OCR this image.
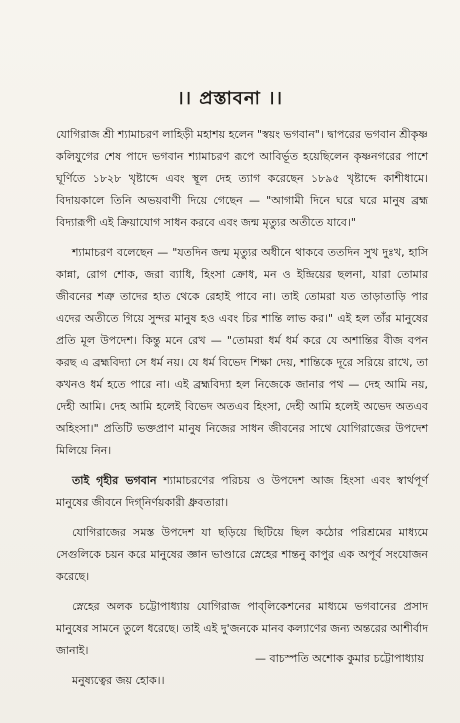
।। প্রস্তাবনা ।।

যোগিরাজ শ্রী শ্যামাচরণ লাহিড়ী মহাশয় হলেন "স্বয়ং ভগবান"। দ্বাপরের ভগবান শ্রীকৃষ্ণ কলিযুগের শেষ পাদে ভগবান শ্যামাচরণ রূপে আবির্ভূত হয়েছিলেন কৃষ্ণনগরের পাশে ঘূর্ণিতে ১৮২৮ খৃষ্টাব্দে এবং স্থূল দেহ ত্যাগ করেছেন ১৮৯৫ খৃষ্টাব্দে কাশীধামে। বিদায়কালে তিনি অভয়বাণী দিয়ে গেছেন — "আগামী দিনে ঘরে ঘরে মানুষ ব্রহ্ম বিদ্যারূপী এই ক্রিয়াযোগ সাধন করবে এবং জন্ম মৃত্যুর অতীতে যাবে।"

শ্যামাচরণ বলেছেন — "যতদিন জন্ম মৃত্যুর অধীনে থাকবে ততদিন সুখ দুঃখ, হাসি কান্না, রোগ শোক, জরা ব্যাধি, হিংসা ক্রোধ, মন ও ইন্দ্রিয়ের ছলনা, যারা তোমার জীবনের শত্রু তাদের হাত থেকে রেহাই পাবে না। তাই তোমরা যত তাড়াতাড়ি পার এদের অতীতে গিয়ে সুন্দর মানুষ হও এবং চির শান্তি লাভ কর।" এই হল তাঁর মানুষের প্রতি মূল উপদেশ। কিন্তু মনে রেখ — "তোমরা ধর্ম ধর্ম করে যে অশান্তির বীজ বপন করছ এ ব্রহ্মবিদ্যা সে ধর্ম নয়। যে ধর্ম বিভেদ শিক্ষা দেয়, শান্তিকে দূরে সরিয়ে রাখে, তা কখনও ধর্ম হতে পারে না। এই ব্রহ্মবিদ্যা হল নিজেকে জানার পথ — দেহ আমি নয়, দেহী আমি। দেহ আমি হলেই বিভেদ অতএব হিংসা, দেহী আমি হলেই অভেদ অতএব অহিংসা।" প্রতিটি ভক্তপ্রাণ মানুষ নিজের সাধন জীবনের সাথে যোগিরাজের উপদেশ মিলিয়ে নিন।

তাই গৃহীর ভগবান শ্যামাচরণের পরিচয় ও উপদেশ আজ হিংসা এবং স্বার্থপূর্ণ মানুষের জীবনে দিগ্‌নির্ণয়কারী ধ্রুবতারা।

যোগিরাজের সমস্ত উপদেশ যা ছড়িয়ে ছিটিয়ে ছিল কঠোর পরিশ্রমের মাধ্যমে সেগুলিকে চয়ন করে মানুষের জ্ঞান ভাণ্ডারে স্নেহের শান্তনু কাপুর এক অপূর্ব সংযোজন করেছে।

স্নেহের অলক চট্টোপাধ্যায় যোগিরাজ পাব্‌লিকেশনের মাধ্যমে ভগবানের প্রসাদ মানুষের সামনে তুলে ধরেছে। তাই এই দু'জনকে মানব কল্যাণের জন্য অন্তরের আশীর্বাদ জানাই।

মনুষ্যত্বের জয় হোক।।

— বাচস্পতি অশোক কুমার চট্টোপাধ্যায়
